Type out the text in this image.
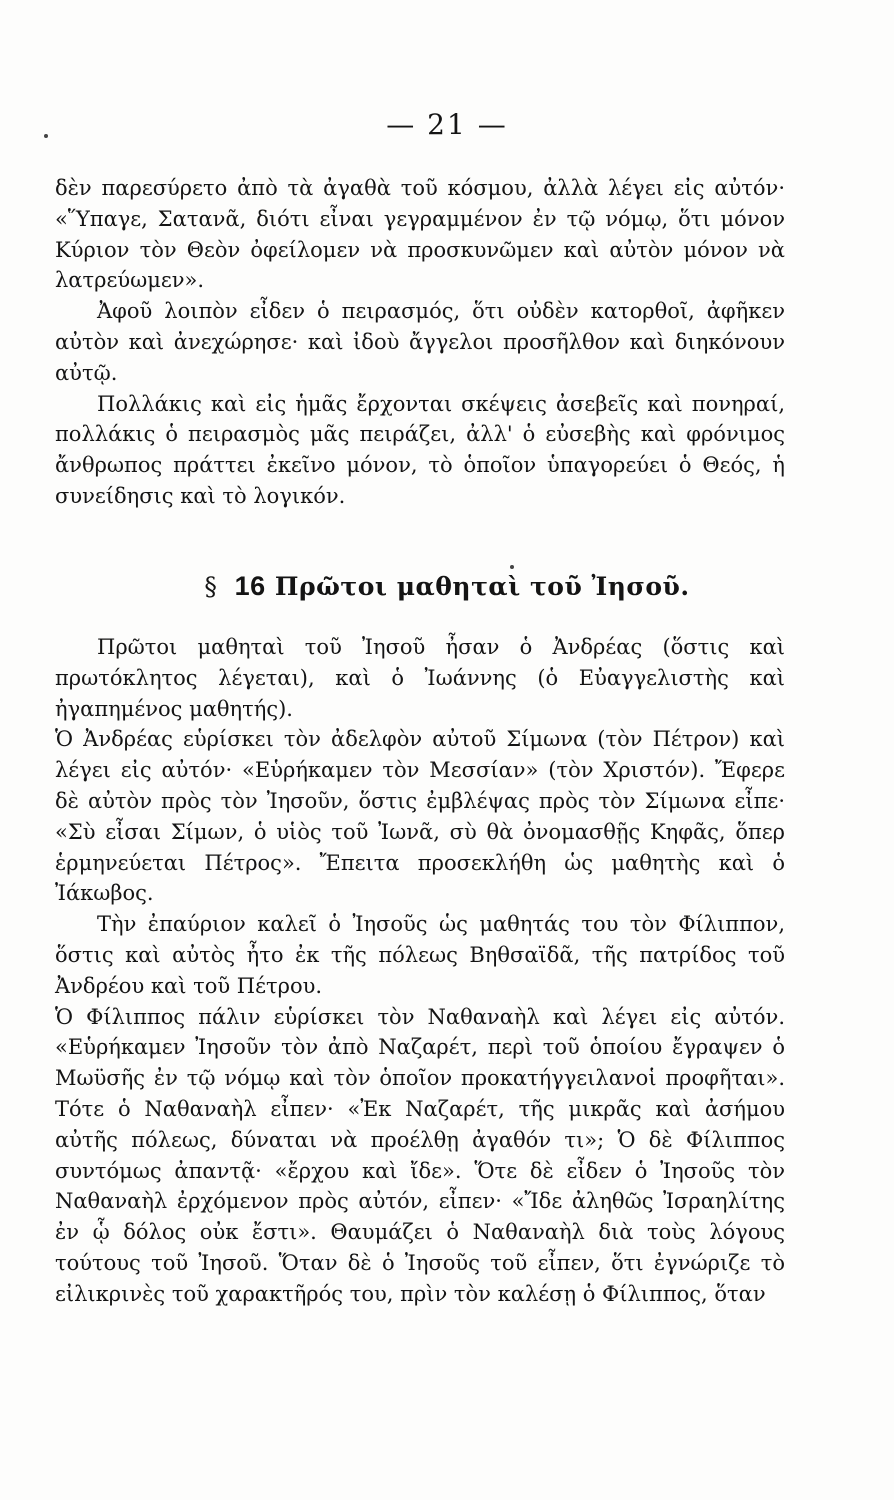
— 21 —

δὲν παρεσύρετο ἀπὸ τὰ ἀγαθὰ τοῦ κόσμου, ἀλλὰ λέγει εἰς αὐτόν· «Ὕπαγε, Σατανᾶ, διότι εἶναι γεγραμμένον ἐν τῷ νόμῳ, ὅτι μόνον Κύριον τὸν Θεὸν ὀφείλομεν νὰ προσκυνῶμεν καὶ αὐτὸν μόνον νὰ λατρεύωμεν».

Ἀφοῦ λοιπὸν εἶδεν ὁ πειρασμός, ὅτι οὐδὲν κατορθοῖ, ἀφῆκεν αὐτὸν καὶ ἀνεχώρησε· καὶ ἰδοὺ ἄγγελοι προσῆλθον καὶ διηκόνουν αὐτῷ.

Πολλάκις καὶ εἰς ἡμᾶς ἔρχονται σκέψεις ἀσεβεῖς καὶ πονηραί, πολλάκις ὁ πειρασμὸς μᾶς πειράζει, ἀλλ' ὁ εὐσεβὴς καὶ φρόνιμος ἄνθρωπος πράττει ἐκεῖνο μόνον, τὸ ὁποῖον ὑπαγορεύει ὁ Θεός, ἡ συνείδησις καὶ τὸ λογικόν.

§ 16 Πρῶτοι μαθηταὶ τοῦ Ἰησοῦ.

Πρῶτοι μαθηταὶ τοῦ Ἰησοῦ ἦσαν ὁ Ἀνδρέας (ὅστις καὶ πρωτόκλητος λέγεται), καὶ ὁ Ἰωάννης (ὁ Εὐαγγελιστὴς καὶ ἠγαπημένος μαθητής).

Ὁ Ἀνδρέας εὑρίσκει τὸν ἀδελφὸν αὐτοῦ Σίμωνα (τὸν Πέτρον) καὶ λέγει εἰς αὐτόν· «Εὑρήκαμεν τὸν Μεσσίαν» (τὸν Χριστόν). Ἔφερε δὲ αὐτὸν πρὸς τὸν Ἰησοῦν, ὅστις ἐμβλέψας πρὸς τὸν Σίμωνα εἶπε· «Σὺ εἶσαι Σίμων, ὁ υἱὸς τοῦ Ἰωνᾶ, σὺ θὰ ὀνομασθῇς Κηφᾶς, ὅπερ ἑρμηνεύεται Πέτρος». Ἔπειτα προσεκλήθη ὡς μαθητὴς καὶ ὁ Ἰάκωβος.

Τὴν ἐπαύριον καλεῖ ὁ Ἰησοῦς ὡς μαθητάς του τὸν Φίλιππον, ὅστις καὶ αὐτὸς ἦτο ἐκ τῆς πόλεως Βηθσαϊδᾶ, τῆς πατρίδος τοῦ Ἀνδρέου καὶ τοῦ Πέτρου.

Ὁ Φίλιππος πάλιν εὑρίσκει τὸν Ναθαναὴλ καὶ λέγει εἰς αὐτόν. «Εὑρήκαμεν Ἰησοῦν τὸν ἀπὸ Ναζαρέτ, περὶ τοῦ ὁποίου ἔγραψεν ὁ Μωϋσῆς ἐν τῷ νόμῳ καὶ τὸν ὁποῖον προκατήγγειλανοἱ προφῆται». Τότε ὁ Ναθαναὴλ εἶπεν· «Ἐκ Ναζαρέτ, τῆς μικρᾶς καὶ ἀσήμου αὐτῆς πόλεως, δύναται νὰ προέλθῃ ἀγαθόν τι»; Ὁ δὲ Φίλιππος συντόμως ἀπαντᾷ· «ἔρχου καὶ ἴδε». Ὅτε δὲ εἶδεν ὁ Ἰησοῦς τὸν Ναθαναὴλ ἐρχόμενον πρὸς αὐτόν, εἶπεν· «Ἴδε ἀληθῶς Ἰσραηλίτης ἐν ᾧ δόλος οὐκ ἔστι». Θαυμάζει ὁ Ναθαναὴλ διὰ τοὺς λόγους τούτους τοῦ Ἰησοῦ. Ὅταν δὲ ὁ Ἰησοῦς τοῦ εἶπεν, ὅτι ἐγνώριζε τὸ εἰλικρινὲς τοῦ χαρακτῆρός του, πρὶν τὸν καλέσῃ ὁ Φίλιππος, ὅταν
